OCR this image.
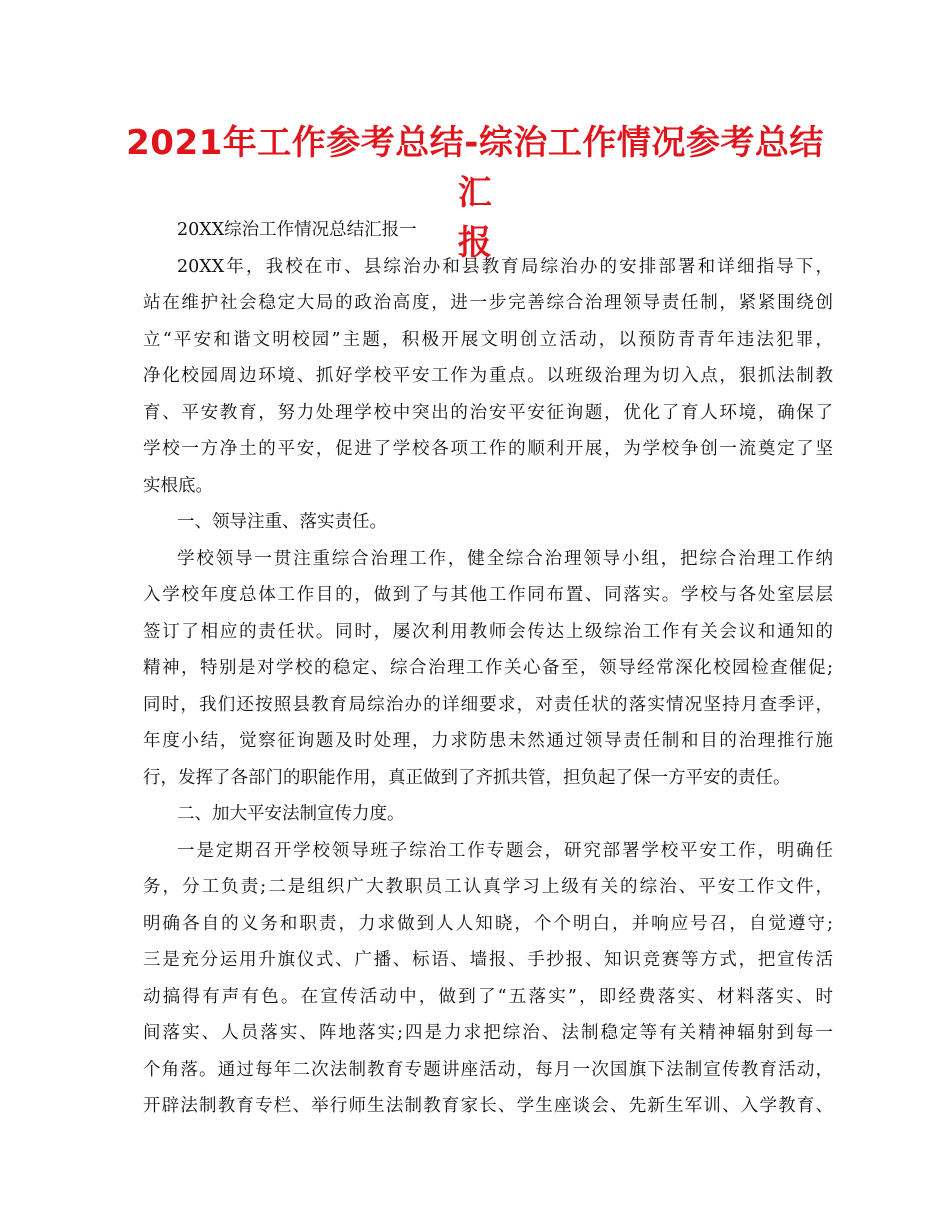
2021年工作参考总结-综治工作情况参考总结汇
报
20XX综治工作情况总结汇报一
20XX年，我校在市、县综治办和县教育局综治办的安排部署和详细指导下，
站在维护社会稳定大局的政治高度，进一步完善综合治理领导责任制，紧紧围绕创
立“平安和谐文明校园”主题，积极开展文明创立活动，以预防青青年违法犯罪，
净化校园周边环境、抓好学校平安工作为重点。以班级治理为切入点，狠抓法制教
育、平安教育，努力处理学校中突出的治安平安征询题，优化了育人环境，确保了
学校一方净土的平安，促进了学校各项工作的顺利开展，为学校争创一流奠定了坚
实根底。
一、领导注重、落实责任。
学校领导一贯注重综合治理工作，健全综合治理领导小组，把综合治理工作纳
入学校年度总体工作目的，做到了与其他工作同布置、同落实。学校与各处室层层
签订了相应的责任状。同时，屡次利用教师会传达上级综治工作有关会议和通知的
精神，特别是对学校的稳定、综合治理工作关心备至，领导经常深化校园检查催促;
同时，我们还按照县教育局综治办的详细要求，对责任状的落实情况坚持月查季评，
年度小结，觉察征询题及时处理，力求防患未然通过领导责任制和目的治理推行施
行，发挥了各部门的职能作用，真正做到了齐抓共管，担负起了保一方平安的责任。
二、加大平安法制宣传力度。
一是定期召开学校领导班子综治工作专题会，研究部署学校平安工作，明确任
务，分工负责;二是组织广大教职员工认真学习上级有关的综治、平安工作文件，
明确各自的义务和职责，力求做到人人知晓，个个明白，并响应号召，自觉遵守;
三是充分运用升旗仪式、广播、标语、墙报、手抄报、知识竞赛等方式，把宣传活
动搞得有声有色。在宣传活动中，做到了“五落实”，即经费落实、材料落实、时
间落实、人员落实、阵地落实;四是力求把综治、法制稳定等有关精神辐射到每一
个角落。通过每年二次法制教育专题讲座活动，每月一次国旗下法制宣传教育活动，
开辟法制教育专栏、举行师生法制教育家长、学生座谈会、先新生军训、入学教育、
